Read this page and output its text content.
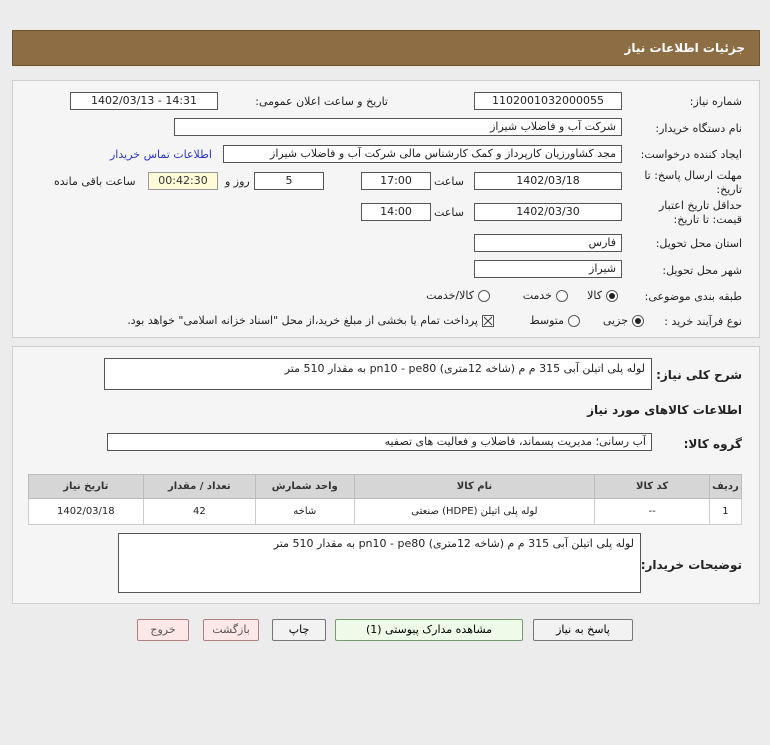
جزئیات اطلاعات نیاز
شماره نیاز:
1102001032000055
تاریخ و ساعت اعلان عمومی:
1402/03/13 - 14:31
نام دستگاه خریدار:
شرکت آب و فاضلاب شیراز
ایجاد کننده درخواست:
مجد کشاورزیان کارپرداز و کمک کارشناس مالی شرکت آب و فاضلاب شیراز
اطلاعات تماس خریدار
مهلت ارسال پاسخ: تا تاریخ:
1402/03/18
ساعت
17:00
5
روز و
00:42:30
ساعت باقی مانده
حداقل تاریخ اعتبار قیمت: تا تاریخ:
1402/03/30
ساعت
14:00
استان محل تحویل:
فارس
شهر محل تحویل:
شیراز
طبقه بندی موضوعی:
کالا
خدمت
کالا/خدمت
نوع فرآیند خرید :
جزیی
متوسط
پرداخت تمام یا بخشی از مبلغ خرید،از محل "اسناد خزانه اسلامی" خواهد بود.
شرح کلی نیاز:
لوله پلی اتیلن آبی 315 م م (شاخه 12متری) pn10 - pe80 به مقدار 510 متر
اطلاعات کالاهای مورد نیاز
گروه کالا:
آب رسانی؛ مدیریت پسماند، فاضلاب و فعالیت های تصفیه
ردیف	کد کالا	نام کالا	واحد شمارش	تعداد / مقدار	تاریخ نیاز
1	--	لوله پلی اتیلن (HDPE) صنعتی	شاخه	42	1402/03/18
توضیحات خریدار:
لوله پلی اتیلن آبی 315 م م (شاخه 12متری) pn10 - pe80 به مقدار 510 متر
پاسخ به نیاز
مشاهده مدارک پیوستی (1)
چاپ
بازگشت
خروج
